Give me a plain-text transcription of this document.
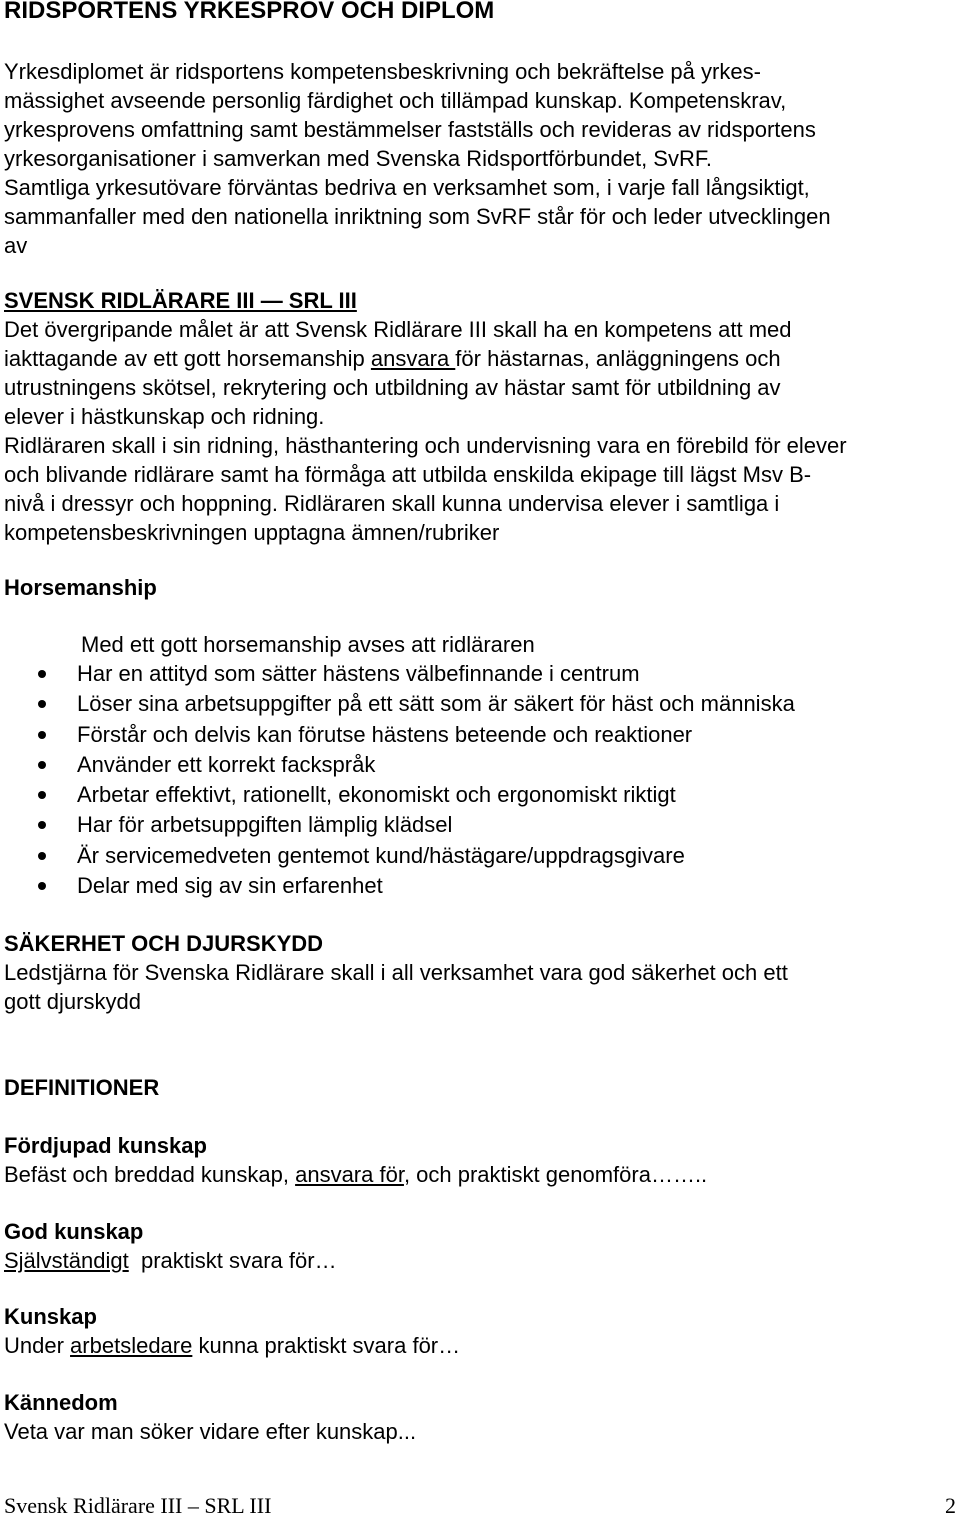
RIDSPORTENS YRKESPROV OCH DIPLOM
Yrkesdiplomet är ridsportens kompetensbeskrivning och bekräftelse på yrkes-
mässighet avseende personlig färdighet och tillämpad kunskap. Kompetenskrav,
yrkesprovens omfattning samt bestämmelser fastställs och revideras av ridsportens
yrkesorganisationer i samverkan med Svenska Ridsportförbundet, SvRF.
Samtliga yrkesutövare förväntas bedriva en verksamhet som, i varje fall långsiktigt,
sammanfaller med den nationella inriktning som SvRF står för och leder utvecklingen
av
SVENSK RIDLÄRARE III — SRL III
Det övergripande målet är att Svensk Ridlärare III skall ha en kompetens att med
iakttagande av ett gott horsemanship ansvara för hästarnas, anläggningens och
utrustningens skötsel, rekrytering och utbildning av hästar samt för utbildning av
elever i hästkunskap och ridning.
Ridläraren skall i sin ridning, hästhantering och undervisning vara en förebild för elever
och blivande ridlärare samt ha förmåga att utbilda enskilda ekipage till lägst Msv B-
nivå i dressyr och hoppning. Ridläraren skall kunna undervisa elever i samtliga i
kompetensbeskrivningen upptagna ämnen/rubriker
Horsemanship
Med ett gott horsemanship avses att ridläraren
Har en attityd som sätter hästens välbefinnande i centrum
Löser sina arbetsuppgifter på ett sätt som är säkert för häst och människa
Förstår och delvis kan förutse hästens beteende och reaktioner
Använder ett korrekt fackspråk
Arbetar effektivt, rationellt, ekonomiskt och ergonomiskt riktigt
Har för arbetsuppgiften lämplig klädsel
Är servicemedveten gentemot kund/hästägare/uppdragsgivare
Delar med sig av sin erfarenhet
SÄKERHET OCH DJURSKYDD
Ledstjärna för Svenska Ridlärare skall i all verksamhet vara god säkerhet och ett
gott djurskydd
DEFINITIONER
Fördjupad kunskap
Befäst och breddad kunskap, ansvara för, och praktiskt genomföra……..
God kunskap
Självständigt  praktiskt svara för…
Kunskap
Under arbetsledare kunna praktiskt svara för…
Kännedom
Veta var man söker vidare efter kunskap...
Svensk Ridlärare III – SRL III	2
